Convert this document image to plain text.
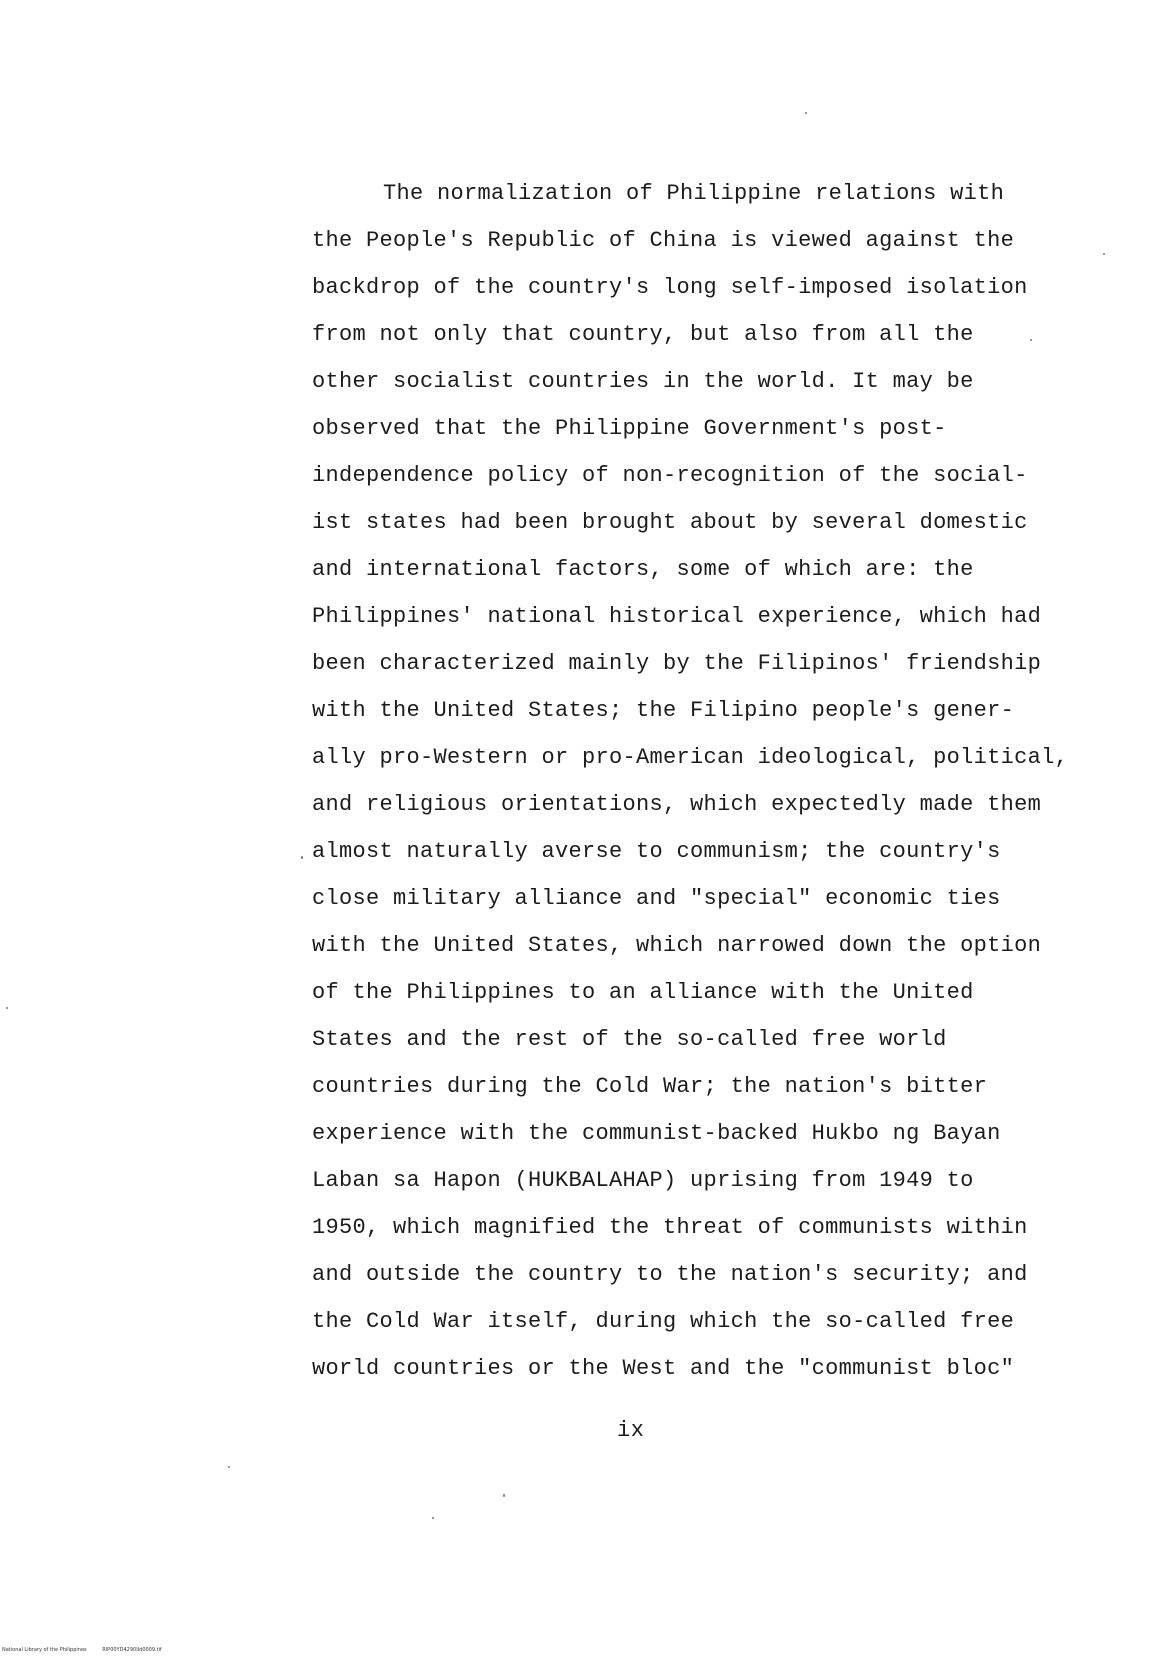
The normalization of Philippine relations with
the People's Republic of China is viewed against the
backdrop of the country's long self-imposed isolation
from not only that country, but also from all the
other socialist countries in the world. It may be
observed that the Philippine Government's post-
independence policy of non-recognition of the social-
ist states had been brought about by several domestic
and international factors, some of which are: the
Philippines' national historical experience, which had
been characterized mainly by the Filipinos' friendship
with the United States; the Filipino people's gener-
ally pro-Western or pro-American ideological, political,
and religious orientations, which expectedly made them
almost naturally averse to communism; the country's
close military alliance and "special" economic ties
with the United States, which narrowed down the option
of the Philippines to an alliance with the United
States and the rest of the so-called free world
countries during the Cold War; the nation's bitter
experience with the communist-backed Hukbo ng Bayan
Laban sa Hapon (HUKBALAHAP) uprising from 1949 to
1950, which magnified the threat of communists within
and outside the country to the nation's security; and
the Cold War itself, during which the so-called free
world countries or the West and the "communist bloc"
ix
National Library of the Philippines	RIP00YD4290IId0009.tif
